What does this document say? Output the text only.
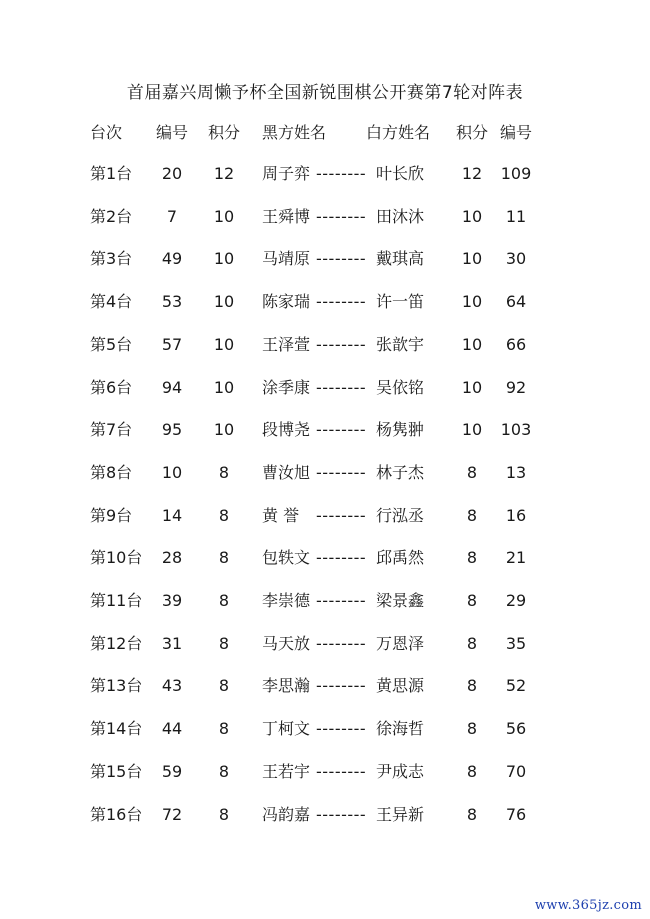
首届嘉兴周懒予杯全国新锐围棋公开赛第7轮对阵表
台次	编号	积分	黑方姓名 白方姓名	积分 编号
第1台	20	12	周子弈 -------- 叶长欣	12	109
第2台	7	10	王舜博 -------- 田沐沐	10	11
第3台	49	10	马靖原 -------- 戴琪高	10	30
第4台	53	10	陈家瑞 -------- 许一笛	10	64
第5台	57	10	王泽萱 -------- 张歆宇	10	66
第6台	94	10	涂季康 -------- 吴依铭	10	92
第7台	95	10	段博尧 -------- 杨隽翀	10	103
第8台	10	8	曹汝旭 -------- 林子杰	8	13
第9台	14	8	黄 誉 -------- 行泓丞	8	16
第10台	28	8	包轶文 -------- 邱禹然	8	21
第11台	39	8	李崇德 -------- 梁景鑫	8	29
第12台	31	8	马天放 -------- 万恩泽	8	35
第13台	43	8	李思瀚 -------- 黄思源	8	52
第14台	44	8	丁柯文 -------- 徐海哲	8	56
第15台	59	8	王若宇 -------- 尹成志	8	70
第16台	72	8	冯韵嘉 -------- 王异新	8	76
www.365jz.com
